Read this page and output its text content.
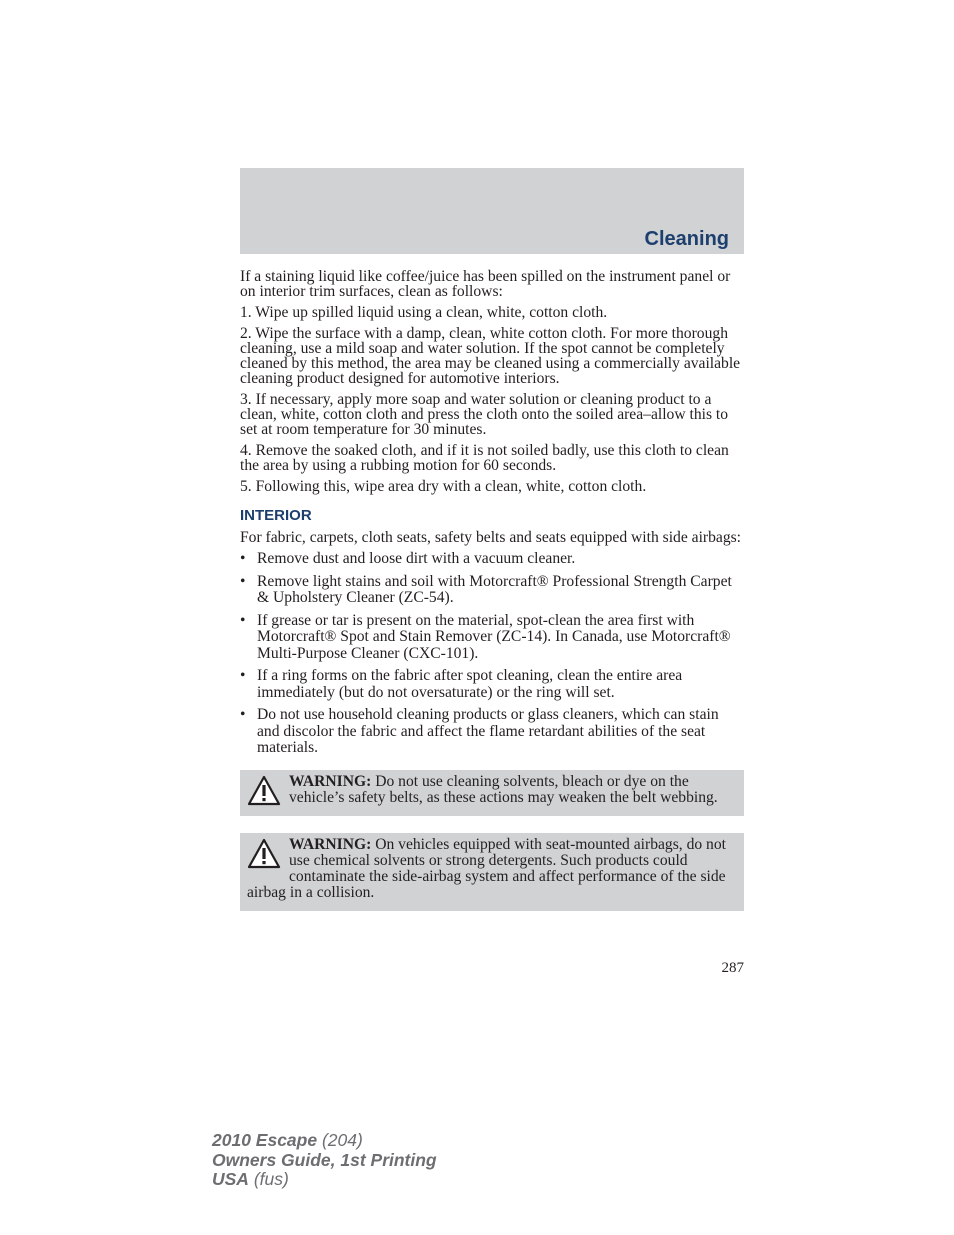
Cleaning

If a staining liquid like coffee/juice has been spilled on the instrument panel or on interior trim surfaces, clean as follows:

1. Wipe up spilled liquid using a clean, white, cotton cloth.

2. Wipe the surface with a damp, clean, white cotton cloth. For more thorough cleaning, use a mild soap and water solution. If the spot cannot be completely cleaned by this method, the area may be cleaned using a commercially available cleaning product designed for automotive interiors.

3. If necessary, apply more soap and water solution or cleaning product to a clean, white, cotton cloth and press the cloth onto the soiled area–allow this to set at room temperature for 30 minutes.

4. Remove the soaked cloth, and if it is not soiled badly, use this cloth to clean the area by using a rubbing motion for 60 seconds.

5. Following this, wipe area dry with a clean, white, cotton cloth.

INTERIOR

For fabric, carpets, cloth seats, safety belts and seats equipped with side airbags:

• Remove dust and loose dirt with a vacuum cleaner.
• Remove light stains and soil with Motorcraft® Professional Strength Carpet & Upholstery Cleaner (ZC-54).
• If grease or tar is present on the material, spot-clean the area first with Motorcraft® Spot and Stain Remover (ZC-14). In Canada, use Motorcraft® Multi-Purpose Cleaner (CXC-101).
• If a ring forms on the fabric after spot cleaning, clean the entire area immediately (but do not oversaturate) or the ring will set.
• Do not use household cleaning products or glass cleaners, which can stain and discolor the fabric and affect the flame retardant abilities of the seat materials.
WARNING: Do not use cleaning solvents, bleach or dye on the vehicle’s safety belts, as these actions may weaken the belt webbing.
WARNING: On vehicles equipped with seat-mounted airbags, do not use chemical solvents or strong detergents. Such products could contaminate the side-airbag system and affect performance of the side airbag in a collision.
287
2010 Escape (204)
Owners Guide, 1st Printing
USA (fus)
